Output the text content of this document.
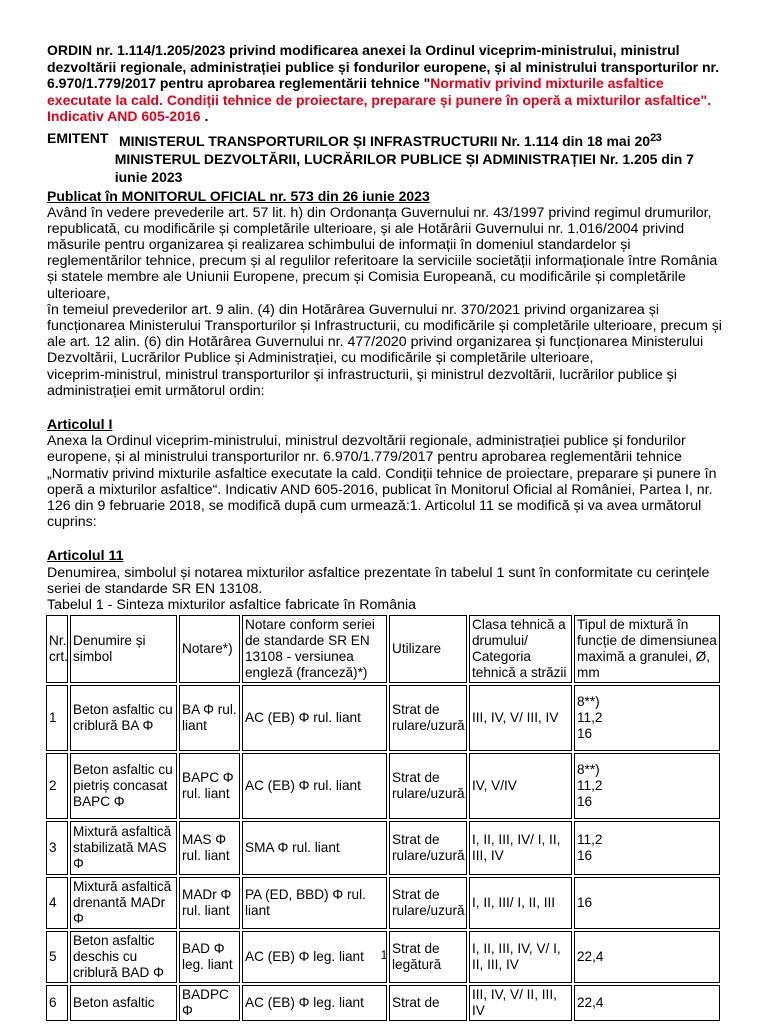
ORDIN nr. 1.114/1.205/2023 privind modificarea anexei la Ordinul viceprim-ministrului, ministrul dezvoltării regionale, administrației publice și fondurilor europene, și al ministrului transporturilor nr. 6.970/1.779/2017 pentru aprobarea reglementării tehnice "Normativ privind mixturile asfaltice executate la cald. Condiții tehnice de proiectare, preparare și punere în operă a mixturilor asfaltice". Indicativ AND 605-2016 .
EMITENT MINISTERUL TRANSPORTURILOR ȘI INFRASTRUCTURII Nr. 1.114 din 18 mai $20^{23}$
MINISTERUL DEZVOLTĂRII, LUCRĂRILOR PUBLICE ȘI ADMINISTRAȚIEI Nr. 1.205 din 7 iunie 2023
Publicat în MONITORUL OFICIAL nr. 573 din 26 iunie 2023

Având în vedere prevederile art. 57 lit. h) din Ordonanța Guvernului nr. 43/1997 privind regimul drumurilor, republicată, cu modificările și completările ulterioare, și ale Hotărârii Guvernului nr. 1.016/2004 privind măsurile pentru organizarea și realizarea schimbului de informații în domeniul standardelor și reglementărilor tehnice, precum și al regulilor referitoare la serviciile societății informaționale între România și statele membre ale Uniunii Europene, precum și Comisia Europeană, cu modificările și completările ulterioare,

în temeiul prevederilor art. 9 alin. (4) din Hotărârea Guvernului nr. 370/2021 privind organizarea și funcționarea Ministerului Transporturilor și Infrastructurii, cu modificările și completările ulterioare, precum și ale art. 12 alin. (6) din Hotărârea Guvernului nr. 477/2020 privind organizarea și funcționarea Ministerului Dezvoltării, Lucrărilor Publice și Administrației, cu modificările și completările ulterioare,

viceprim-ministrul, ministrul transporturilor și infrastructurii, și ministrul dezvoltării, lucrărilor publice și administrației emit următorul ordin:

Articolul I

Anexa la Ordinul viceprim-ministrului, ministrul dezvoltării regionale, administrației publice și fondurilor europene, și al ministrului transporturilor nr. 6.970/1.779/2017 pentru aprobarea reglementării tehnice „Normativ privind mixturile asfaltice executate la cald. Condiții tehnice de proiectare, preparare și punere în operă a mixturilor asfaltice“. Indicativ AND 605-2016, publicat în Monitorul Oficial al României, Partea I, nr. 126 din 9 februarie 2018, se modifică după cum urmează:1. Articolul 11 se modifică și va avea următorul cuprins:

Articolul 11

Denumirea, simbolul și notarea mixturilor asfaltice prezentate în tabelul 1 sunt în conformitate cu cerințele seriei de standarde SR EN 13108.

Tabelul 1 - Sinteza mixturilor asfaltice fabricate în România

Nr. crt.	Denumire și simbol	Notare*)	Notare conform seriei de standarde SR EN 13108 - versiunea engleză (franceză)*)	Utilizare	Clasa tehnică a drumului/ Categoria tehnică a străzii	Tipul de mixtură în funcție de dimensiunea maximă a granulei, Ø, mm
1	Beton asfaltic cu criblură BA Φ	BA Φ rul. liant	AC (EB) Φ rul. liant	Strat de rulare/uzură	III, IV, V/ III, IV	8**)
11,2
16

2	Beton asfaltic cu pietriș concasat BAPC Φ	BAPC Φ rul. liant	AC (EB) Φ rul. liant	Strat de rulare/uzură	IV, V/IV	8**)
11,2
16

3	Mixtură asfaltică stabilizată MAS Φ	MAS Φ rul. liant	SMA Φ rul. liant	Strat de rulare/uzură	I, II, III, IV/ I, II, III, IV	11,2
16

4	Mixtură asfaltică drenantă MADr Φ	MADr Φ rul. liant	PA (ED, BBD) Φ rul. liant	Strat de rulare/uzură	I, II, III/ I, II, III	16

5	Beton asfaltic deschis cu criblură BAD Φ	BAD Φ leg. liant	AC (EB) Φ leg. liant	Strat de legătură	I, II, III, IV, V/ I, II, III, IV	22,4

6	Beton asfaltic	BADPC Φ	AC (EB) Φ leg. liant	Strat de	III, IV, V/ II, III, IV	22,4
1
